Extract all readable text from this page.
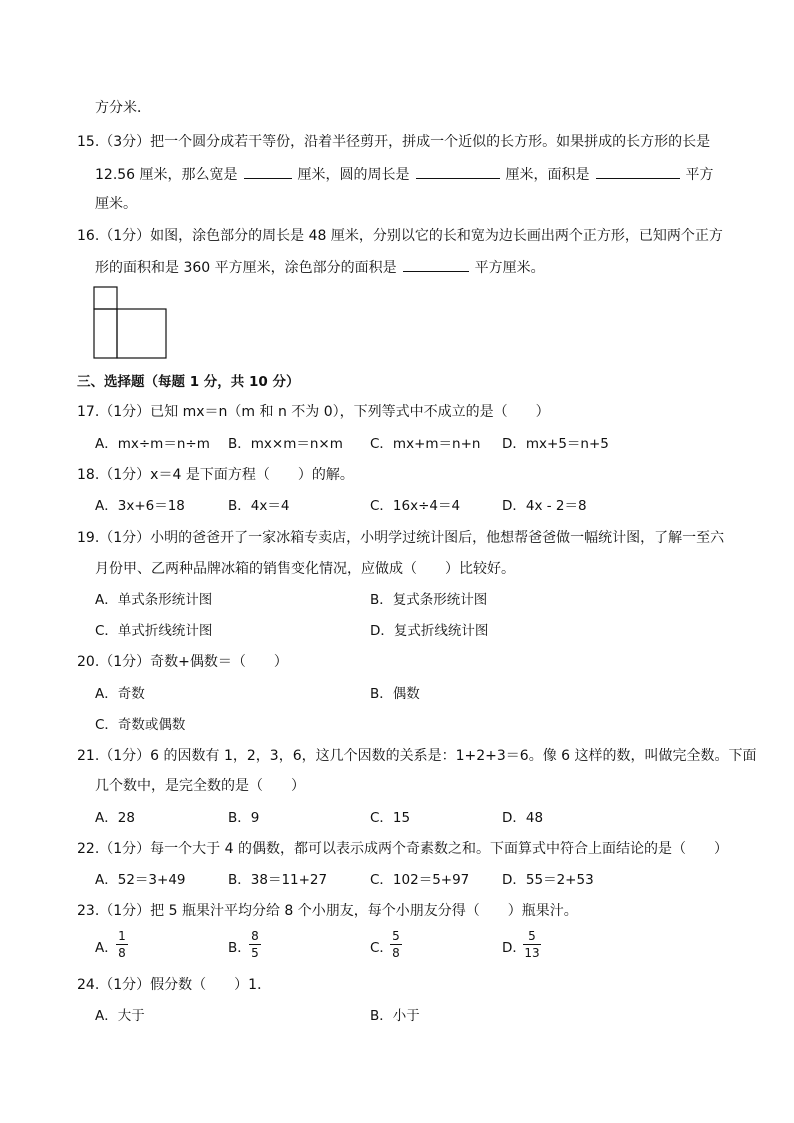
方分米．
15.（3分）把一个圆分成若干等份，沿着半径剪开，拼成一个近似的长方形。如果拼成的长方形的长是
12.56 厘米，那么宽是	厘米，圆的周长是	厘米，面积是	平方
厘米。
16.（1分）如图，涂色部分的周长是 48 厘米，分别以它的长和宽为边长画出两个正方形，已知两个正方
形的面积和是 360 平方厘米，涂色部分的面积是	平方厘米。
三、选择题（每题 1 分，共 10 分）
17.（1分）已知 mx＝n（m 和 n 不为 0），下列等式中不成立的是（　　）
A．mx÷m＝n÷m B．mx×m＝n×m C．mx+m＝n+n D．mx+5＝n+5
18.（1分）x＝4 是下面方程（　　）的解。
A．3x+6＝18	B．4x＝4	C．16x÷4＝4	D．4x - 2＝8
19.（1分）小明的爸爸开了一家冰箱专卖店，小明学过统计图后，他想帮爸爸做一幅统计图，了解一至六
月份甲、乙两种品牌冰箱的销售变化情况，应做成（　　）比较好。
A．单式条形统计图	B．复式条形统计图
C．单式折线统计图	D．复式折线统计图
20.（1分）奇数+偶数＝（　　）
A．奇数	B．偶数
C．奇数或偶数
21.（1分）6 的因数有 1，2，3，6，这几个因数的关系是：1+2+3＝6。像 6 这样的数，叫做完全数。下面
几个数中，是完全数的是（　　）
A．28	B．9	C．15	D．48
22.（1分）每一个大于 4 的偶数，都可以表示成两个奇素数之和。下面算式中符合上面结论的是（　　）
A．52＝3+49	B．38＝11+27	C．102＝5+97 D．55＝2+53
23.（1分）把 5 瓶果汁平均分给 8 个小朋友，每个小朋友分得（　　）瓶果汁。
A．
1
8	B．
8
5	C．
5
8	D．
5
13
24.（1分）假分数（　　）1．
A．大于	B．小于
